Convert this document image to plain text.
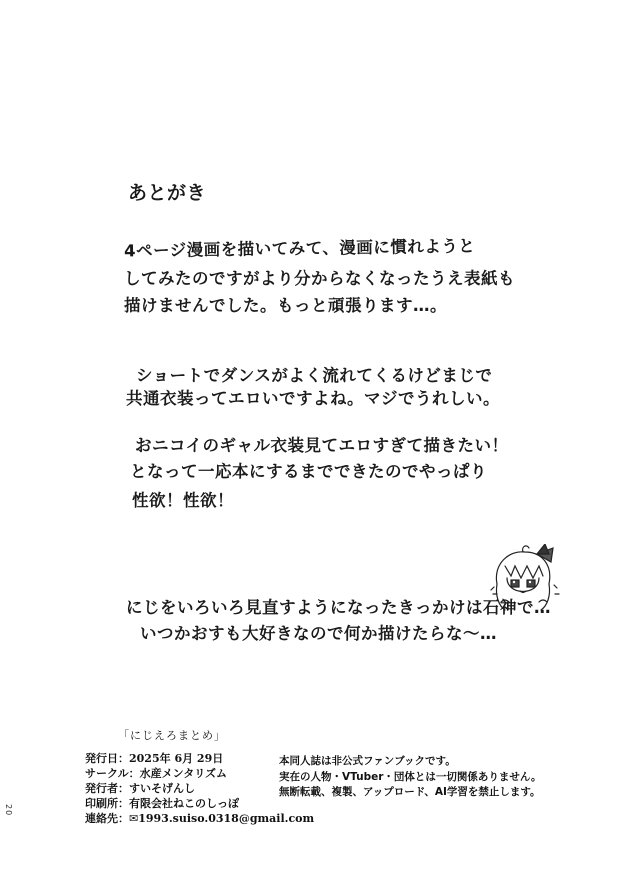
あとがき
4ページ漫画を描いてみて、漫画に慣れようと
してみたのですがより分からなくなったうえ表紙も
描けませんでした。もっと頑張ります…。
ショートでダンスがよく流れてくるけどまじで
共通衣装ってエロいですよね。マジでうれしい。
おニコイのギャル衣装見てエロすぎて描きたい！
となって一応本にするまでできたのでやっぱり
性欲！性欲！
にじをいろいろ見直すようになったきっかけは石神で…
いつかおすも大好きなので何か描けたらな〜…
「にじえろまとめ」
発行日：2025年 6月 29日
サークル：水産メンタリズム
発行者：すいそげんし
印刷所：有限会社ねこのしっぽ
連絡先：✉1993.suiso.0318@gmail.com
本同人誌は非公式ファンブックです。
実在の人物・VTuber・団体とは一切関係ありません。
無断転載、複製、アップロード、AI学習を禁止します。
20
